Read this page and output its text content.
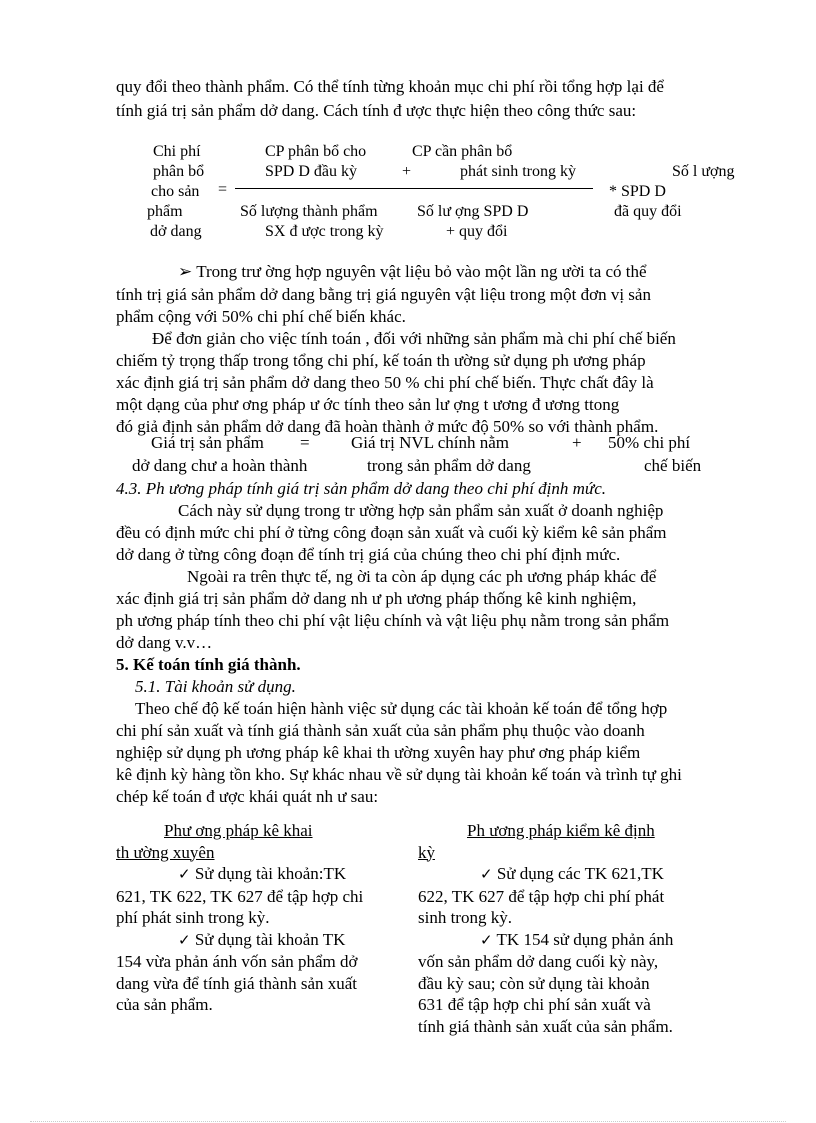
quy đổi theo thành phẩm. Có thể tính từng khoản mục chi phí rồi tổng hợp lại để
tính giá trị sản phẩm dở dang. Cách tính đ ược thực hiện theo công thức sau:
Chi phí
phân bổ
cho sản
phẩm
dở dang
=
CP phân bổ cho
SPD D đầu kỳ	+
CP cần phân bổ
phát sinh trong kỳ
Số lượng thành phẩm
SX đ ược trong kỳ
Số lư ợng SPD D
+ quy đổi
Số l ượng
* SPD D
đã quy đổi
➢ Trong trư ờng hợp nguyên vật liệu bỏ vào một lần ng ười ta có thể
tính trị giá sản phẩm dở dang bằng trị giá nguyên vật liệu trong một đơn vị sản
phẩm cộng với 50% chi phí chế biến khác.
Để đơn giản cho việc tính toán , đối với những sản phẩm mà chi phí chế biến
chiếm tỷ trọng thấp trong tổng chi phí, kế toán th ường sử dụng ph ương pháp
xác định giá trị sản phẩm dở dang theo 50 % chi phí chế biến. Thực chất đây là
một dạng của phư ơng pháp ư ớc tính theo sản lư ợng t ương đ ương ttong
đó giả định sản phẩm dở dang đã hoàn thành ở mức độ 50% so với thành phẩm.
Giá trị sản phẩm = Giá trị NVL chính nằm	+ 50% chi phí
dở dang chư a hoàn thành	trong sản phẩm dở dang	chế biến
4.3. Ph ương pháp tính giá trị sản phẩm dở dang theo chi phí định mức.
Cách này sử dụng trong tr ường hợp sản phẩm sản xuất ở doanh nghiệp
đều có định mức chi phí ở từng công đoạn sản xuất và cuối kỳ kiểm kê sản phẩm
dở dang ở từng công đoạn để tính trị giá của chúng theo chi phí định mức.
Ngoài ra trên thực tế, ng ời ta còn áp dụng các ph ương pháp khác để
xác định giá trị sản phẩm dở dang nh ư ph ương pháp thống kê kinh nghiệm,
ph ương pháp tính theo chi phí vật liệu chính và vật liệu phụ nằm trong sản phẩm
dở dang v.v…
5. Kế toán tính giá thành.
5.1. Tài khoản sử dụng.
Theo chế độ kế toán hiện hành việc sử dụng các tài khoản kế toán để tổng hợp
chi phí sản xuất và tính giá thành sản xuất của sản phẩm phụ thuộc vào doanh
nghiệp sử dụng ph ương pháp kê khai th ường xuyên hay phư ơng pháp kiểm
kê định kỳ hàng tồn kho. Sự khác nhau về sử dụng tài khoản kế toán và trình tự ghi
chép kế toán đ ược khái quát nh ư sau:
Phư ơng pháp kê khai
th ường xuyên
✓ Sử dụng tài khoản:TK
621, TK 622, TK 627 để tập hợp chi
phí phát sinh trong kỳ.
✓ Sử dụng tài khoản TK
154 vừa phản ánh vốn sản phẩm dở
dang vừa để tính giá thành sản xuất
của sản phẩm.
Ph ương pháp kiểm kê định
kỳ
✓ Sử dụng các TK 621,TK
622, TK 627 để tập hợp chi phí phát
sinh trong kỳ.
✓ TK 154 sử dụng phản ánh
vốn sản phẩm dở dang cuối kỳ này,
đầu kỳ sau; còn sử dụng tài khoản
631 để tập hợp chi phí sản xuất và
tính giá thành sản xuất của sản phẩm.
